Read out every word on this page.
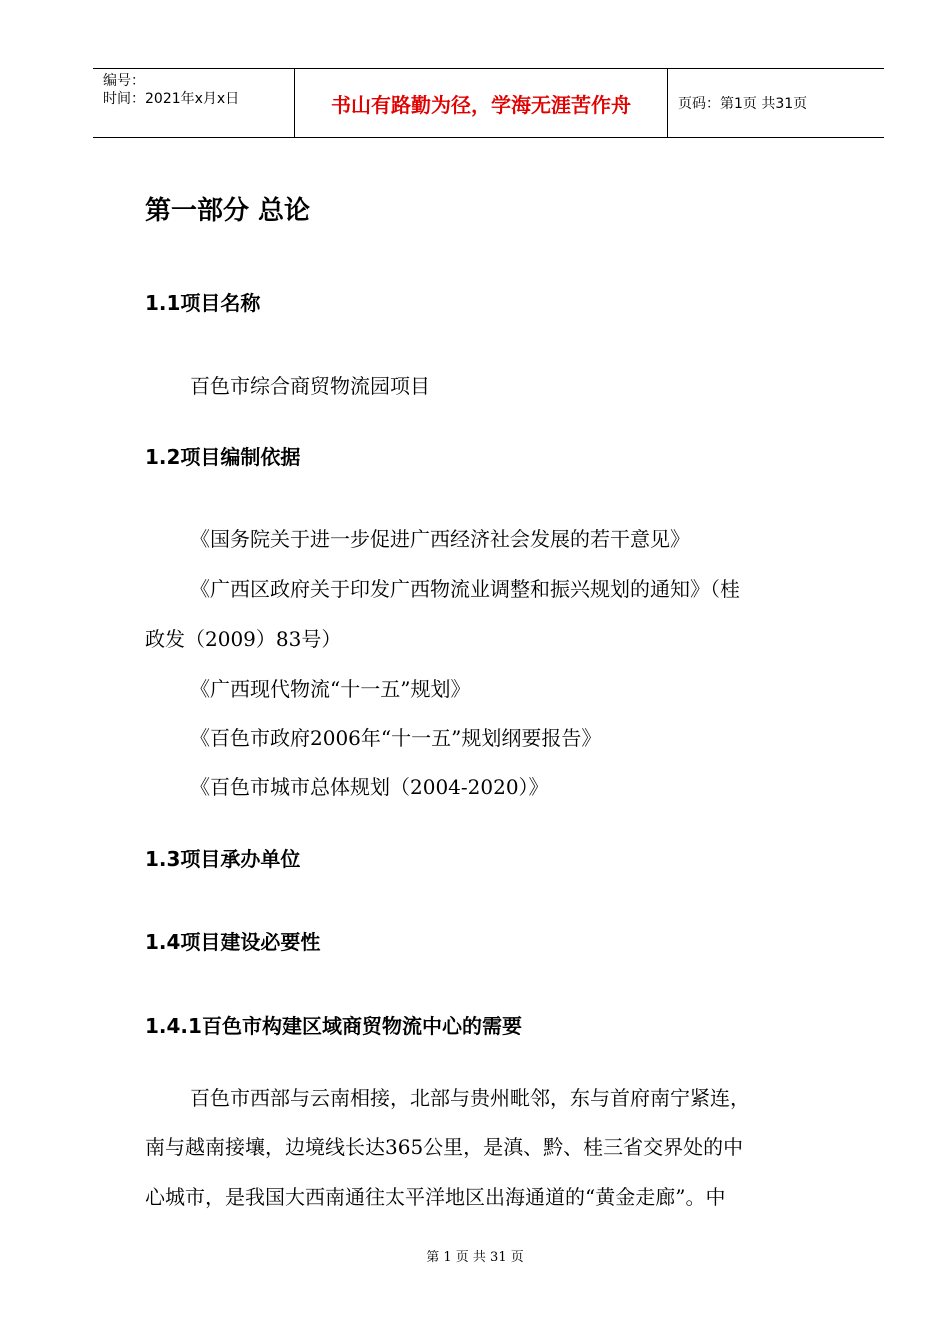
编号：
时间：2021年x月x日	书山有路勤为径，学海无涯苦作舟	页码：第1页 共31页
第一部分 总论
1.1项目名称
百色市综合商贸物流园项目
1.2项目编制依据
《国务院关于进一步促进广西经济社会发展的若干意见》
《广西区政府关于印发广西物流业调整和振兴规划的通知》（桂
政发（2009）83号）
《广西现代物流“十一五”规划》
《百色市政府2006年“十一五”规划纲要报告》
《百色市城市总体规划（2004-2020）》
1.3项目承办单位
1.4项目建设必要性
1.4.1百色市构建区域商贸物流中心的需要
百色市西部与云南相接，北部与贵州毗邻，东与首府南宁紧连，
南与越南接壤，边境线长达365公里，是滇、黔、桂三省交界处的中
心城市，是我国大西南通往太平洋地区出海通道的“黄金走廊”。中
第 1 页 共 31 页
